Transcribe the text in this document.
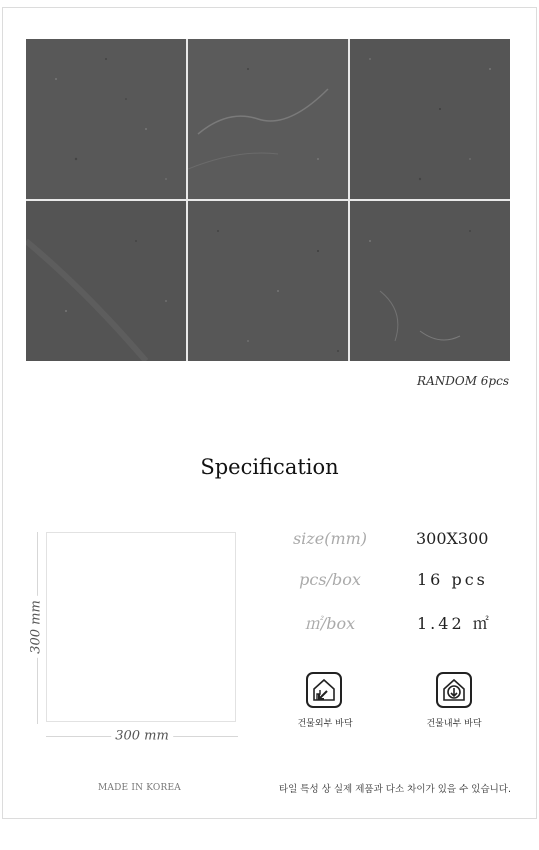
RANDOM 6pcs
Specification
300 mm
300 mm
size(mm)	300X300
pcs/box	16 pcs
㎡/box	1.42 ㎡
건물외부 바닥	건물내부 바닥
MADE IN KOREA	타일 특성 상 실제 제품과 다소 차이가 있을 수 있습니다.
